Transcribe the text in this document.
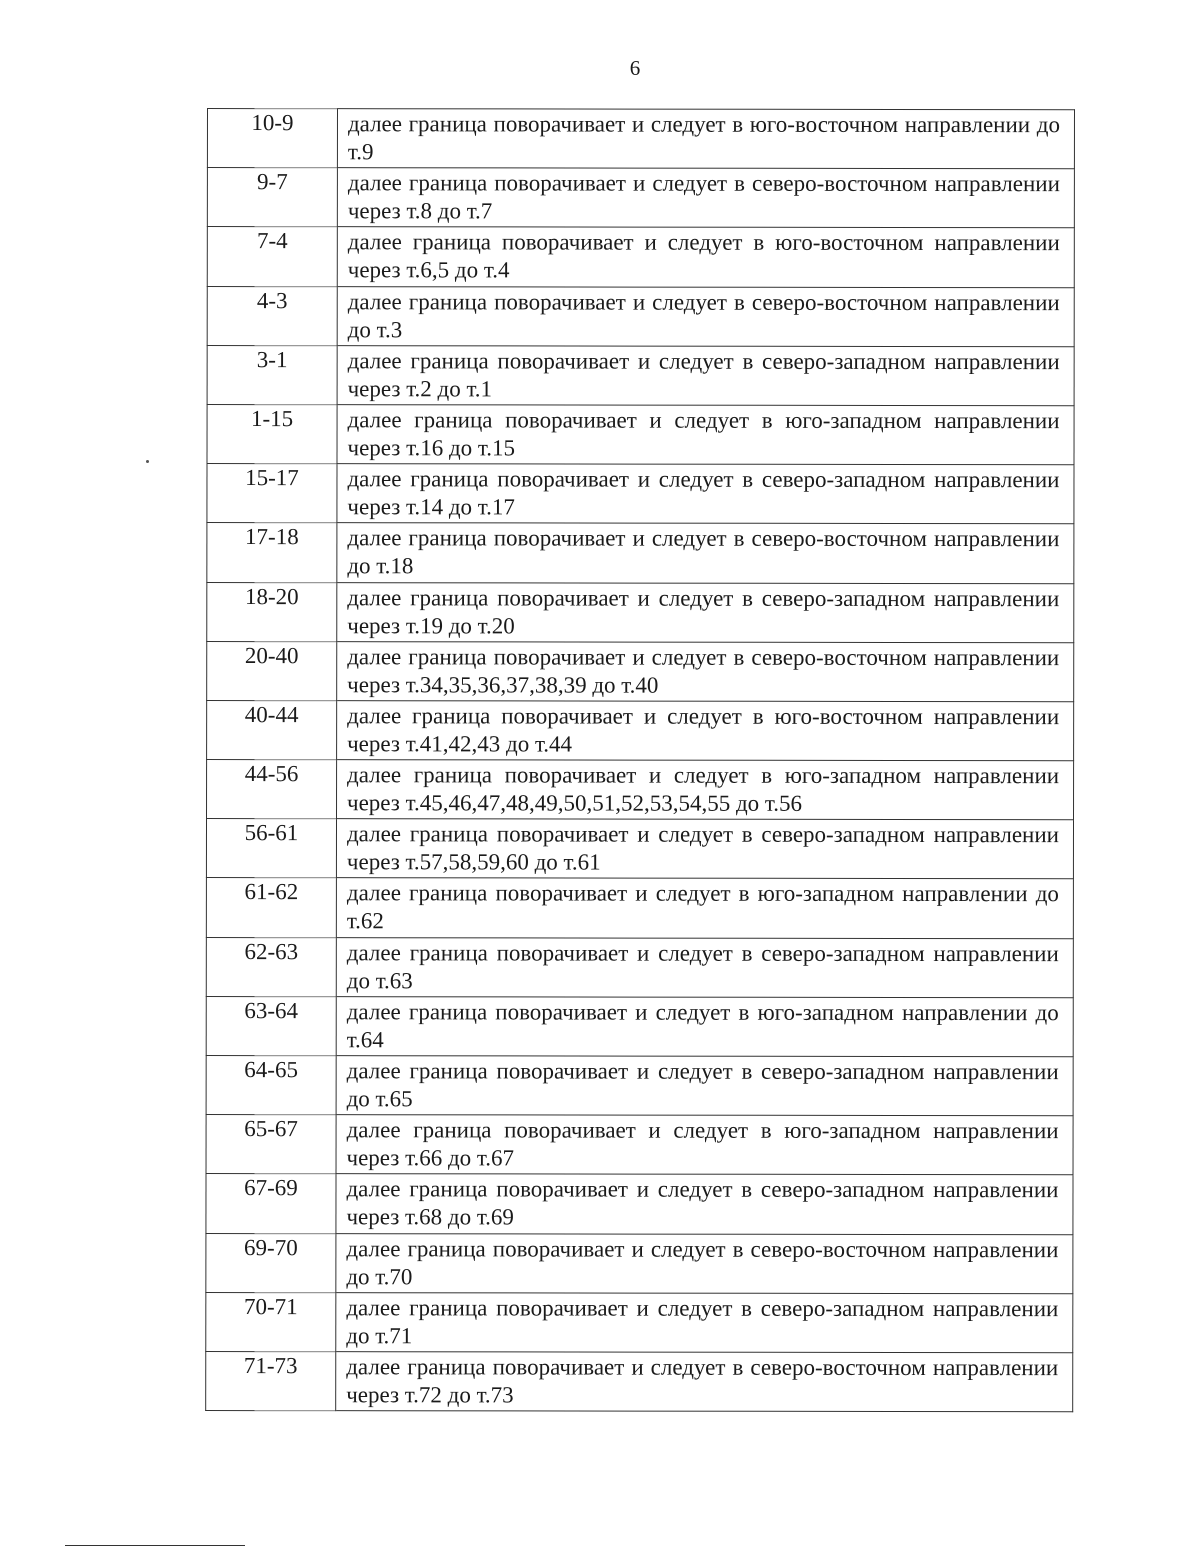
6
10-9	далее граница поворачивает и следует в юго-восточном направлении до т.9
9-7	далее граница поворачивает и следует в северо-восточном направлении через т.8 до т.7
7-4	далее граница поворачивает и следует в юго-восточном направлении через т.6,5 до т.4
4-3	далее граница поворачивает и следует в северо-восточном направлении до т.3
3-1	далее граница поворачивает и следует в северо-западном направлении через т.2 до т.1
1-15	далее граница поворачивает и следует в юго-западном направлении через т.16 до т.15
15-17	далее граница поворачивает и следует в северо-западном направлении через т.14 до т.17
17-18	далее граница поворачивает и следует в северо-восточном направлении до т.18
18-20	далее граница поворачивает и следует в северо-западном направлении через т.19 до т.20
20-40	далее граница поворачивает и следует в северо-восточном направлении через т.34,35,36,37,38,39 до т.40
40-44	далее граница поворачивает и следует в юго-восточном направлении через т.41,42,43 до т.44
44-56	далее граница поворачивает и следует в юго-западном направлении через т.45,46,47,48,49,50,51,52,53,54,55 до т.56
56-61	далее граница поворачивает и следует в северо-западном направлении через т.57,58,59,60 до т.61
61-62	далее граница поворачивает и следует в юго-западном направлении до т.62
62-63	далее граница поворачивает и следует в северо-западном направлении до т.63
63-64	далее граница поворачивает и следует в юго-западном направлении до т.64
64-65	далее граница поворачивает и следует в северо-западном направлении до т.65
65-67	далее граница поворачивает и следует в юго-западном направлении через т.66 до т.67
67-69	далее граница поворачивает и следует в северо-западном направлении через т.68 до т.69
69-70	далее граница поворачивает и следует в северо-восточном направлении до т.70
70-71	далее граница поворачивает и следует в северо-западном направлении до т.71
71-73	далее граница поворачивает и следует в северо-восточном направлении через т.72 до т.73
